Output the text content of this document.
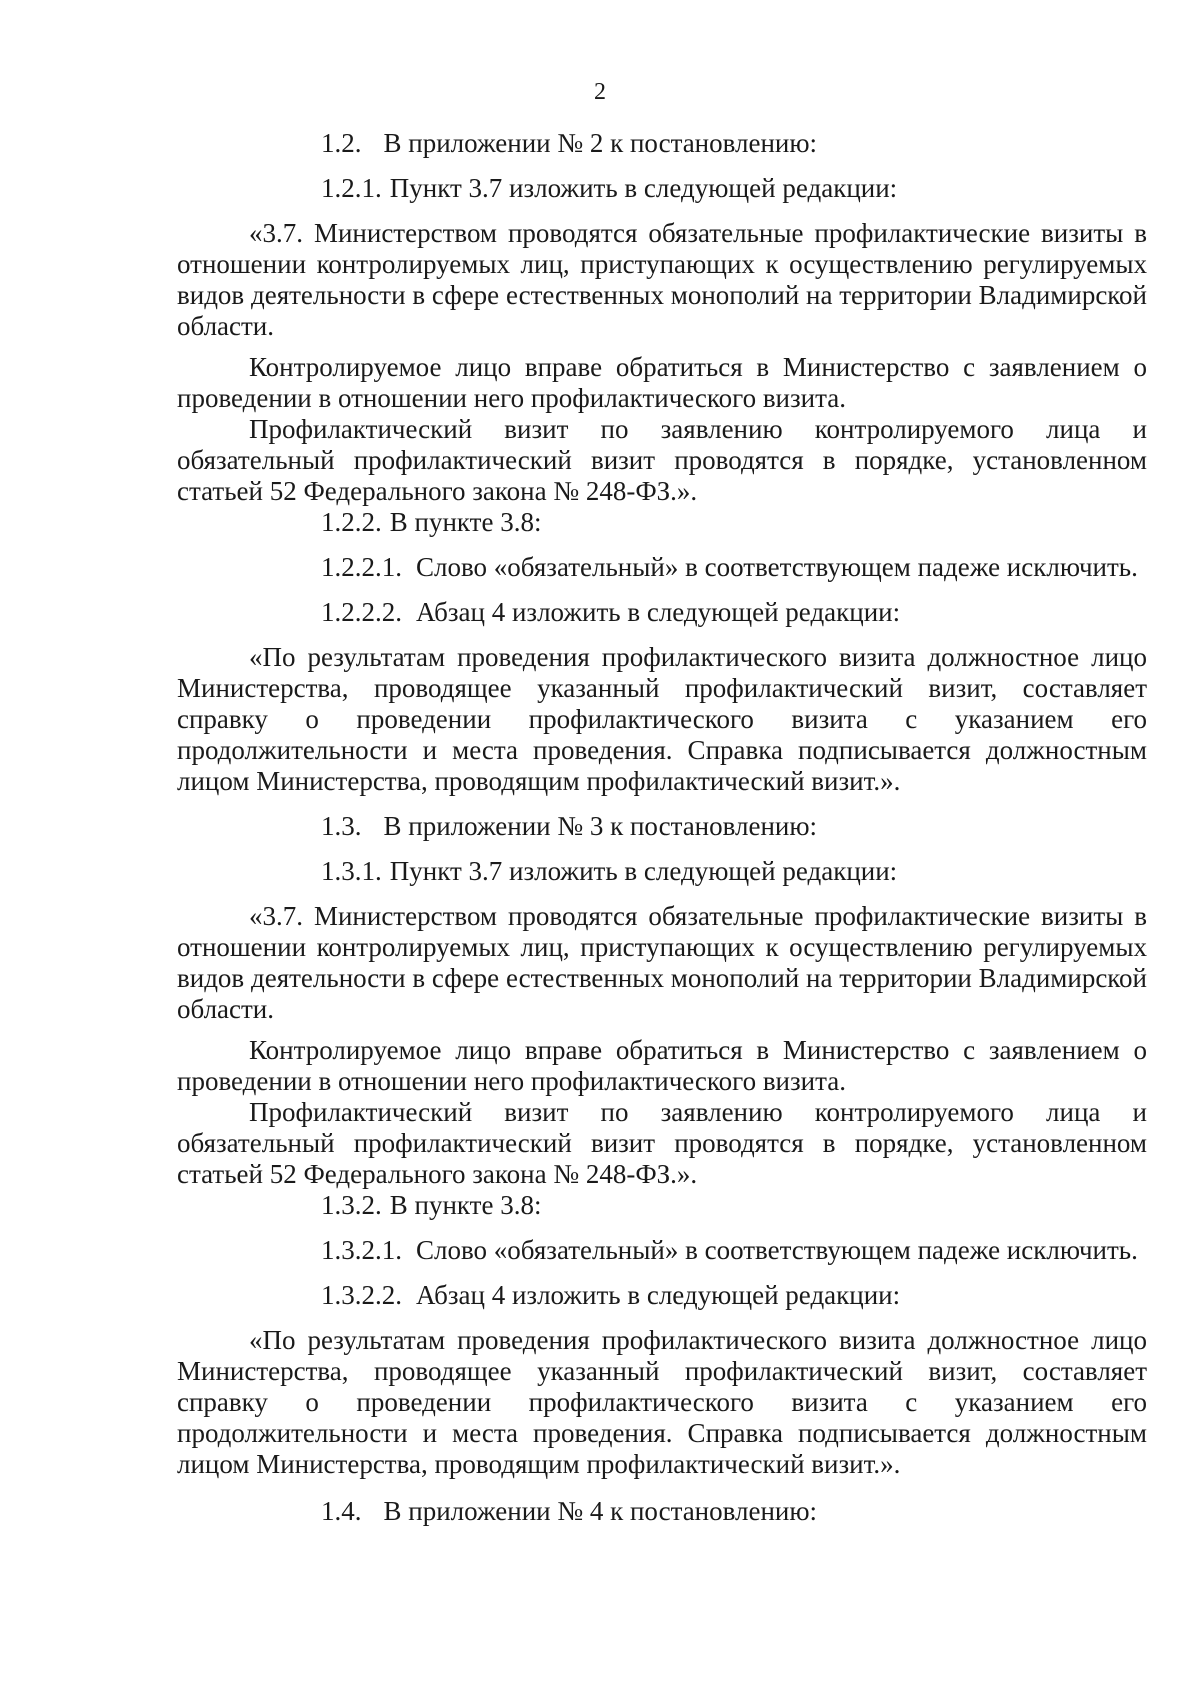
2

1.2. В приложении № 2 к постановлению:

1.2.1. Пункт 3.7 изложить в следующей редакции:

«3.7. Министерством проводятся обязательные профилактические визиты в отношении контролируемых лиц, приступающих к осуществлению регулируемых видов деятельности в сфере естественных монополий на территории Владимирской области.

Контролируемое лицо вправе обратиться в Министерство с заявлением о проведении в отношении него профилактического визита.

Профилактический визит по заявлению контролируемого лица и обязательный профилактический визит проводятся в порядке, установленном статьей 52 Федерального закона № 248-ФЗ.».

1.2.2. В пункте 3.8:

1.2.2.1. Слово «обязательный» в соответствующем падеже исключить.

1.2.2.2. Абзац 4 изложить в следующей редакции:

«По результатам проведения профилактического визита должностное лицо Министерства, проводящее указанный профилактический визит, составляет справку о проведении профилактического визита с указанием его продолжительности и места проведения. Справка подписывается должностным лицом Министерства, проводящим профилактический визит.».

1.3. В приложении № 3 к постановлению:

1.3.1. Пункт 3.7 изложить в следующей редакции:

«3.7. Министерством проводятся обязательные профилактические визиты в отношении контролируемых лиц, приступающих к осуществлению регулируемых видов деятельности в сфере естественных монополий на территории Владимирской области.

Контролируемое лицо вправе обратиться в Министерство с заявлением о проведении в отношении него профилактического визита.

Профилактический визит по заявлению контролируемого лица и обязательный профилактический визит проводятся в порядке, установленном статьей 52 Федерального закона № 248-ФЗ.».

1.3.2. В пункте 3.8:

1.3.2.1. Слово «обязательный» в соответствующем падеже исключить.

1.3.2.2. Абзац 4 изложить в следующей редакции:

«По результатам проведения профилактического визита должностное лицо Министерства, проводящее указанный профилактический визит, составляет справку о проведении профилактического визита с указанием его продолжительности и места проведения. Справка подписывается должностным лицом Министерства, проводящим профилактический визит.».

1.4. В приложении № 4 к постановлению:
